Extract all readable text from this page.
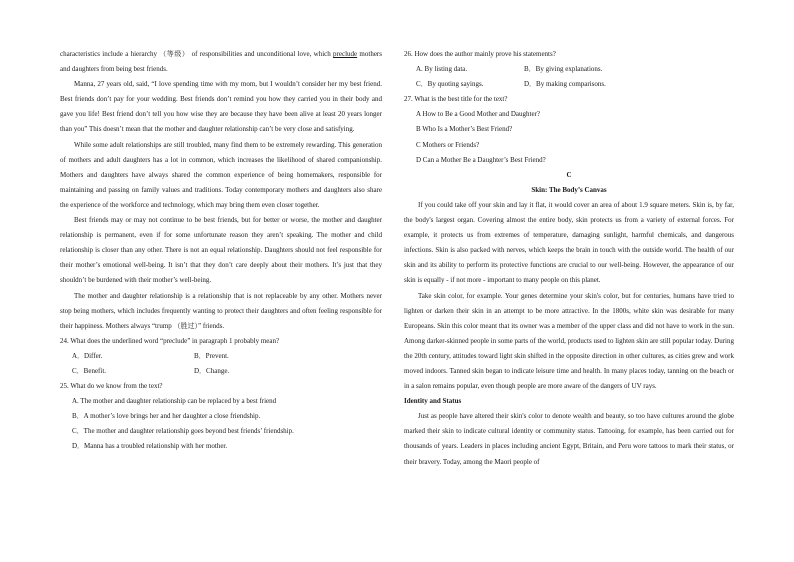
characteristics include a hierarchy （等级） of responsibilities and unconditional love, which preclude mothers and daughters from being best friends.

Manna, 27 years old, said, “I love spending time with my mom, but I wouldn’t consider her my best friend. Best friends don’t pay for your wedding. Best friends don’t remind you how they carried you in their body and gave you life! Best friend don’t tell you how wise they are because they have been alive at least 20 years longer than you” This doesn’t mean that the mother and daughter relationship can’t be very close and satisfying.

While some adult relationships are still troubled, many find them to be extremely rewarding. This generation of mothers and adult daughters has a lot in common, which increases the likelihood of shared companionship. Mothers and daughters have always shared the common experience of being homemakers, responsible for maintaining and passing on family values and traditions. Today contemporary mothers and daughters also share the experience of the workforce and technology, which may bring them even closer together.

Best friends may or may not continue to be best friends, but for better or worse, the mother and daughter relationship is permanent, even if for some unfortunate reason they aren’t speaking. The mother and child relationship is closer than any other. There is not an equal relationship. Daughters should not feel responsible for their mother’s emotional well-being. It isn’t that they don’t care deeply about their mothers. It’s just that they shouldn’t be burdened with their mother’s well-being.

The mother and daughter relationship is a relationship that is not replaceable by any other. Mothers never stop being mothers, which includes frequently wanting to protect their daughters and often feeling responsible for their happiness. Mothers always “trump （胜过）” friends.

24. What does the underlined word “preclude” in paragraph 1 probably mean?

A．Differ.	B．Prevent.
C．Benefit.	D．Change.

25. What do we know from the text?

A. The mother and daughter relationship can be replaced by a best friend

B．A mother’s love brings her and her daughter a close friendship.

C．The mother and daughter relationship goes beyond best friends’ friendship.

D．Manna has a troubled relationship with her mother.

26. How does the author mainly prove his statements?

A. By listing data.	B．By giving explanations.
C．By quoting sayings.	D．By making comparisons.

27. What is the best title for the text?

A How to Be a Good Mother and Daughter?

B Who Is a Mother’s Best Friend?

C Mothers or Friends?

D Can a Mother Be a Daughter’s Best Friend?

C

Skin: The Body’s Canvas

If you could take off your skin and lay it flat, it would cover an area of about 1.9 square meters. Skin is, by far, the body's largest organ. Covering almost the entire body, skin protects us from a variety of external forces. For example, it protects us from extremes of temperature, damaging sunlight, harmful chemicals, and dangerous infections. Skin is also packed with nerves, which keeps the brain in touch with the outside world. The health of our skin and its ability to perform its protective functions are crucial to our well-being. However, the appearance of our skin is equally - if not more - important to many people on this planet.

Take skin color, for example. Your genes determine your skin's color, but for centuries, humans have tried to lighten or darken their skin in an attempt to be more attractive. In the 1800s, white skin was desirable for many Europeans. Skin this color meant that its owner was a member of the upper class and did not have to work in the sun. Among darker-skinned people in some parts of the world, products used to lighten skin are still popular today. During the 20th century, attitudes toward light skin shifted in the opposite direction in other cultures, as cities grew and work moved indoors. Tanned skin began to indicate leisure time and health. In many places today, tanning on the beach or in a salon remains popular, even though people are more aware of the dangers of UV rays.

Identity and Status

Just as people have altered their skin's color to denote wealth and beauty, so too have cultures around the globe marked their skin to indicate cultural identity or community status. Tattooing, for example, has been carried out for thousands of years. Leaders in places including ancient Egypt, Britain, and Peru wore tattoos to mark their status, or their bravery. Today, among the Maori people of
